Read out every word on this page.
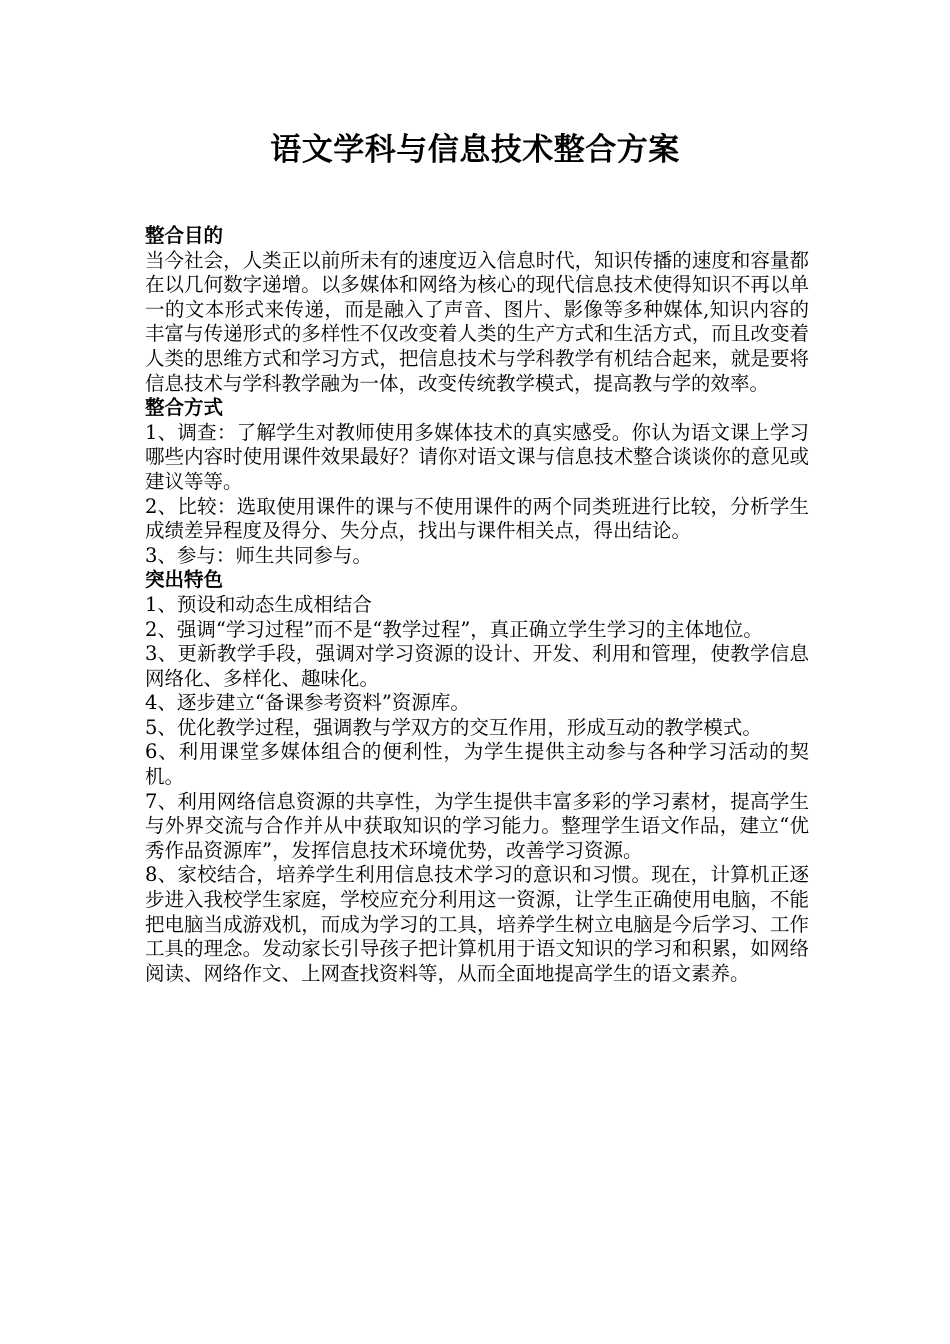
语文学科与信息技术整合方案

整合目的

当今社会，人类正以前所未有的速度迈入信息时代，知识传播的速度和容量都在以几何数字递增。以多媒体和网络为核心的现代信息技术使得知识不再以单一的文本形式来传递，而是融入了声音、图片、影像等多种媒体,知识内容的丰富与传递形式的多样性不仅改变着人类的生产方式和生活方式，而且改变着人类的思维方式和学习方式，把信息技术与学科教学有机结合起来，就是要将信息技术与学科教学融为一体，改变传统教学模式，提高教与学的效率。

整合方式

1、调查：了解学生对教师使用多媒体技术的真实感受。你认为语文课上学习哪些内容时使用课件效果最好？请你对语文课与信息技术整合谈谈你的意见或建议等等。

2、比较：选取使用课件的课与不使用课件的两个同类班进行比较，分析学生成绩差异程度及得分、失分点，找出与课件相关点，得出结论。

3、参与：师生共同参与。

突出特色

1、预设和动态生成相结合

2、强调“学习过程”而不是“教学过程”，真正确立学生学习的主体地位。

3、更新教学手段，强调对学习资源的设计、开发、利用和管理，使教学信息网络化、多样化、趣味化。

4、逐步建立“备课参考资料”资源库。

5、优化教学过程，强调教与学双方的交互作用，形成互动的教学模式。

6、利用课堂多媒体组合的便利性，为学生提供主动参与各种学习活动的契机。

7、利用网络信息资源的共享性，为学生提供丰富多彩的学习素材，提高学生与外界交流与合作并从中获取知识的学习能力。整理学生语文作品，建立“优秀作品资源库”，发挥信息技术环境优势，改善学习资源。

8、家校结合，培养学生利用信息技术学习的意识和习惯。现在，计算机正逐步进入我校学生家庭，学校应充分利用这一资源，让学生正确使用电脑，不能把电脑当成游戏机，而成为学习的工具，培养学生树立电脑是今后学习、工作工具的理念。发动家长引导孩子把计算机用于语文知识的学习和积累，如网络阅读、网络作文、上网查找资料等，从而全面地提高学生的语文素养。
